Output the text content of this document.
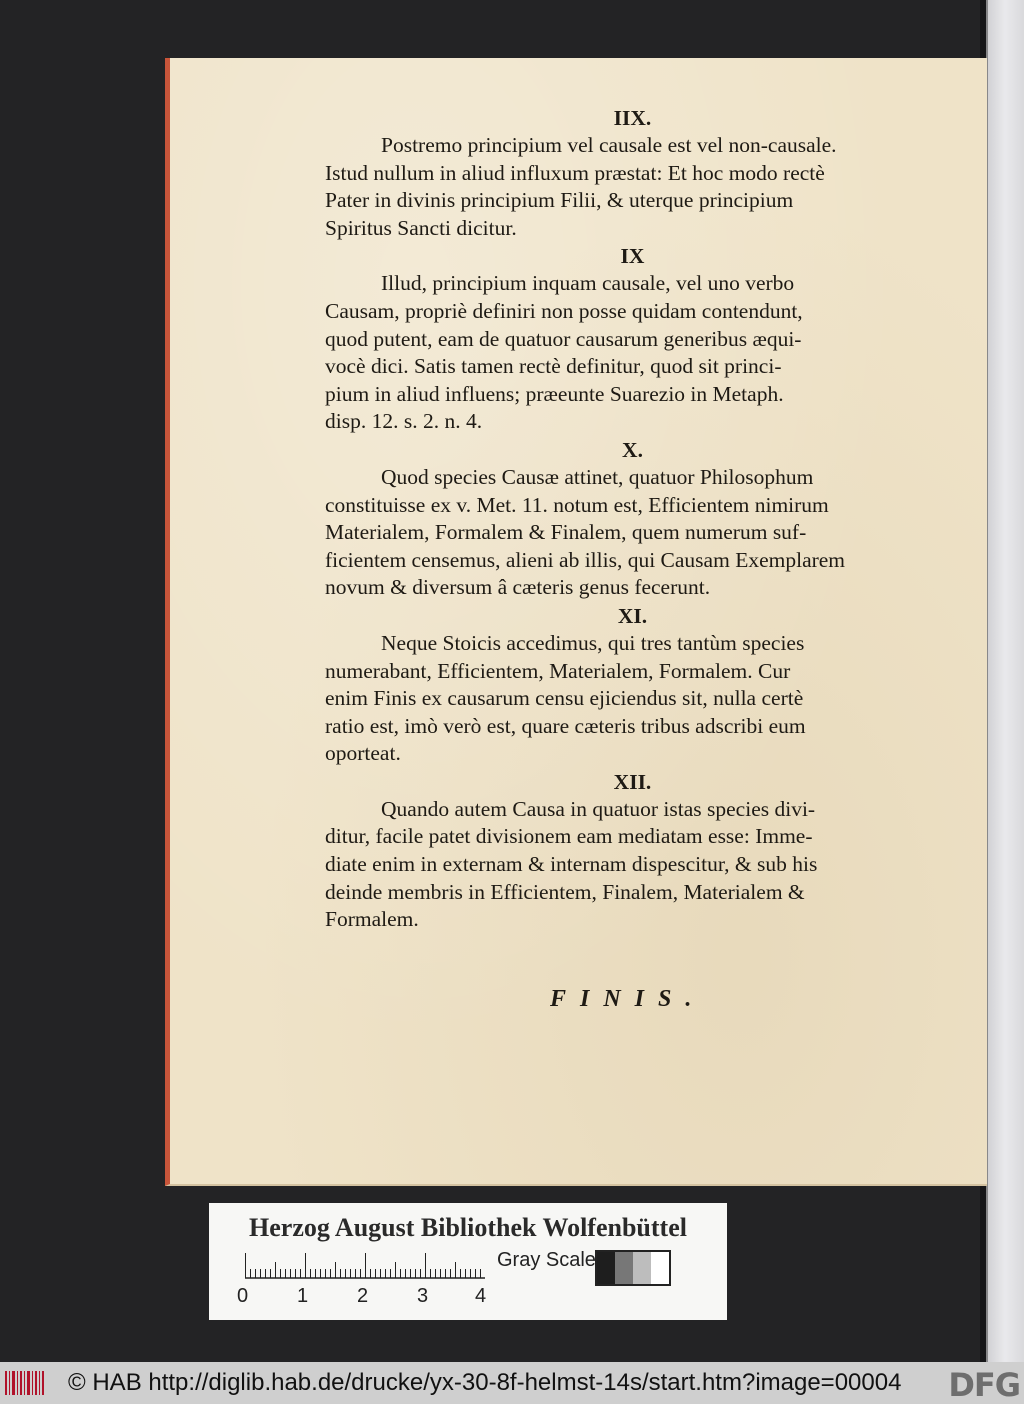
IIX.

Postremo principium vel causale est vel non-causale.
Istud nullum in aliud influxum præstat: Et hoc modo rectè
Pater in divinis principium Filii, & uterque principium
Spiritus Sancti dicitur.

IX

Illud, principium inquam causale, vel uno verbo
Causam, propriè definiri non posse quidam contendunt,
quod putent, eam de quatuor causarum generibus æqui-
vocè dici. Satis tamen rectè definitur, quod sit princi-
pium in aliud influens; præeunte Suarezio in Metaph.
disp. 12. s. 2. n. 4.

X.

Quod species Causæ attinet, quatuor Philosophum
constituisse ex v. Met. 11. notum est, Efficientem nimirum
Materialem, Formalem & Finalem, quem numerum suf-
ficientem censemus, alieni ab illis, qui Causam Exemplarem
novum & diversum â cæteris genus fecerunt.

XI.

Neque Stoicis accedimus, qui tres tantùm species
numerabant, Efficientem, Materialem, Formalem. Cur
enim Finis ex causarum censu ejiciendus sit, nulla certè
ratio est, imò verò est, quare cæteris tribus adscribi eum
oporteat.

XII.

Quando autem Causa in quatuor istas species divi-
ditur, facile patet divisionem eam mediatam esse: Imme-
diate enim in externam & internam dispescitur, & sub his
deinde membris in Efficientem, Finalem, Materialem &
Formalem.

FINIS.

Herzog August Bibliothek Wolfenbüttel

0 1 2 3 4
Gray Scale
© HAB http://diglib.hab.de/drucke/yx-30-8f-helmst-14s/start.htm?image=00004	DFG
